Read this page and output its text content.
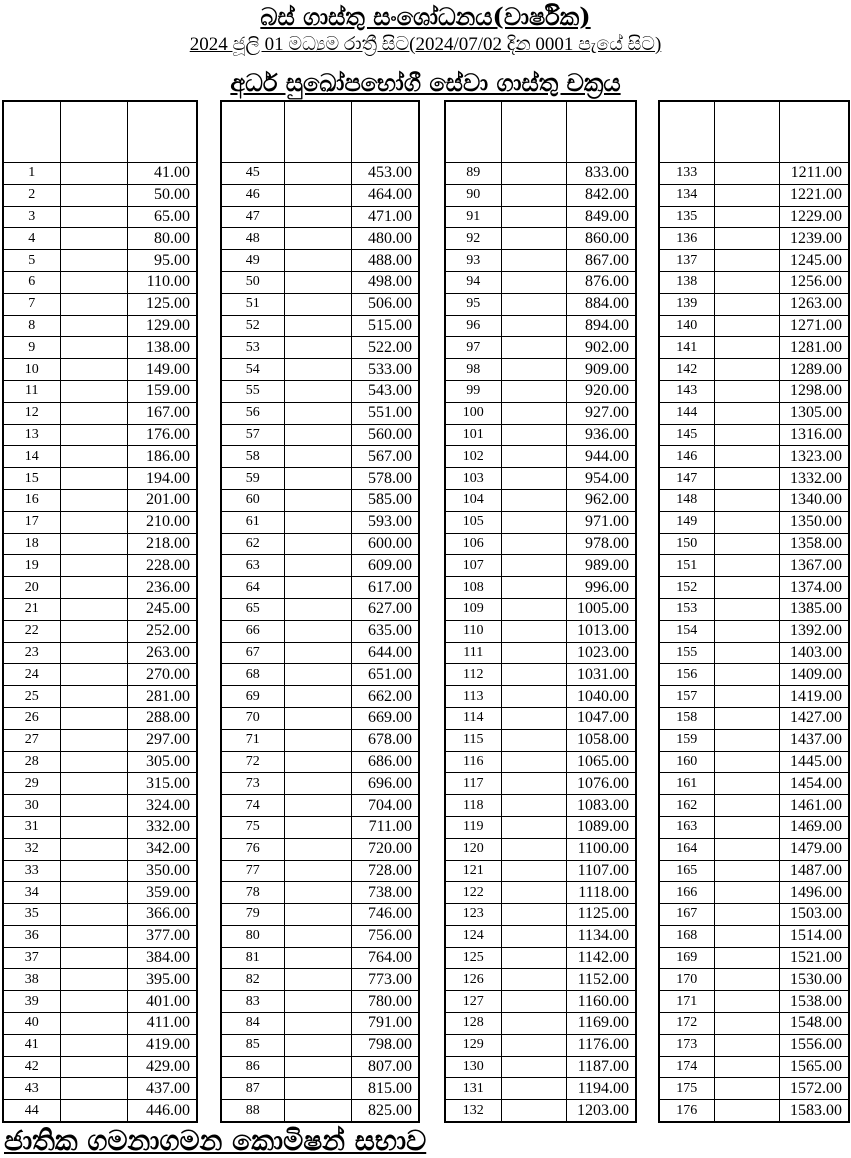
බස් ගාස්තු සංශෝධනය(වාර්ෂික)
2024 ජූලි 01 මධ්‍යම රාත්‍රී සිට(2024/07/02 දින 0001 පැයේ සිට)
අර්ධ සුඛෝපභෝගී සේවා ගාස්තු චක්‍රය

1		41.00
2		50.00
3		65.00
4		80.00
5		95.00
6		110.00
7		125.00
8		129.00
9		138.00
10		149.00
11		159.00
12		167.00
13		176.00
14		186.00
15		194.00
16		201.00
17		210.00
18		218.00
19		228.00
20		236.00
21		245.00
22		252.00
23		263.00
24		270.00
25		281.00
26		288.00
27		297.00
28		305.00
29		315.00
30		324.00
31		332.00
32		342.00
33		350.00
34		359.00
35		366.00
36		377.00
37		384.00
38		395.00
39		401.00
40		411.00
41		419.00
42		429.00
43		437.00
44		446.00

45		453.00
46		464.00
47		471.00
48		480.00
49		488.00
50		498.00
51		506.00
52		515.00
53		522.00
54		533.00
55		543.00
56		551.00
57		560.00
58		567.00
59		578.00
60		585.00
61		593.00
62		600.00
63		609.00
64		617.00
65		627.00
66		635.00
67		644.00
68		651.00
69		662.00
70		669.00
71		678.00
72		686.00
73		696.00
74		704.00
75		711.00
76		720.00
77		728.00
78		738.00
79		746.00
80		756.00
81		764.00
82		773.00
83		780.00
84		791.00
85		798.00
86		807.00
87		815.00
88		825.00

89		833.00
90		842.00
91		849.00
92		860.00
93		867.00
94		876.00
95		884.00
96		894.00
97		902.00
98		909.00
99		920.00
100		927.00
101		936.00
102		944.00
103		954.00
104		962.00
105		971.00
106		978.00
107		989.00
108		996.00
109		1005.00
110		1013.00
111		1023.00
112		1031.00
113		1040.00
114		1047.00
115		1058.00
116		1065.00
117		1076.00
118		1083.00
119		1089.00
120		1100.00
121		1107.00
122		1118.00
123		1125.00
124		1134.00
125		1142.00
126		1152.00
127		1160.00
128		1169.00
129		1176.00
130		1187.00
131		1194.00
132		1203.00

133		1211.00
134		1221.00
135		1229.00
136		1239.00
137		1245.00
138		1256.00
139		1263.00
140		1271.00
141		1281.00
142		1289.00
143		1298.00
144		1305.00
145		1316.00
146		1323.00
147		1332.00
148		1340.00
149		1350.00
150		1358.00
151		1367.00
152		1374.00
153		1385.00
154		1392.00
155		1403.00
156		1409.00
157		1419.00
158		1427.00
159		1437.00
160		1445.00
161		1454.00
162		1461.00
163		1469.00
164		1479.00
165		1487.00
166		1496.00
167		1503.00
168		1514.00
169		1521.00
170		1530.00
171		1538.00
172		1548.00
173		1556.00
174		1565.00
175		1572.00
176		1583.00
ජාතික ගමනාගමන කොමිෂන් සභාව
